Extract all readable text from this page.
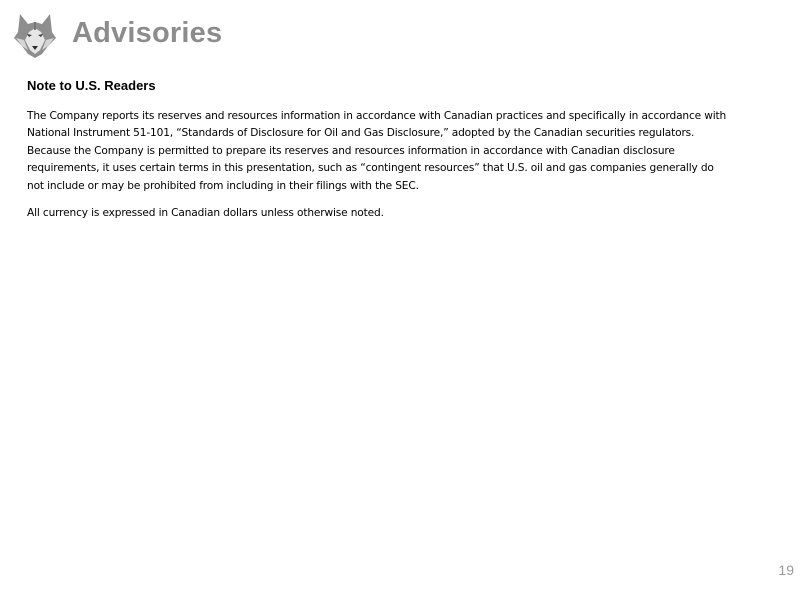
Advisories
Note to U.S. Readers

The Company reports its reserves and resources information in accordance with Canadian practices and specifically in accordance with National Instrument 51-101, “Standards of Disclosure for Oil and Gas Disclosure,” adopted by the Canadian securities regulators. Because the Company is permitted to prepare its reserves and resources information in accordance with Canadian disclosure requirements, it uses certain terms in this presentation, such as “contingent resources” that U.S. oil and gas companies generally do not include or may be prohibited from including in their filings with the SEC.

All currency is expressed in Canadian dollars unless otherwise noted.

19
